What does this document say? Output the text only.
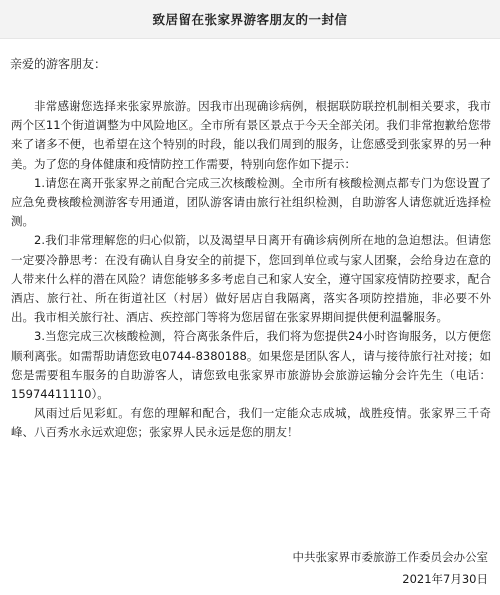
致居留在张家界游客朋友的一封信
亲爱的游客朋友：

非常感谢您选择来张家界旅游。因我市出现确诊病例，根据联防联控机制相关要求，我市两个区11个街道调整为中风险地区。全市所有景区景点于今天全部关闭。我们非常抱歉给您带来了诸多不便，也希望在这个特别的时段，能以我们周到的服务，让您感受到张家界的另一种美。为了您的身体健康和疫情防控工作需要，特别向您作如下提示：

1.请您在离开张家界之前配合完成三次核酸检测。全市所有核酸检测点都专门为您设置了应急免费核酸检测游客专用通道，团队游客请由旅行社组织检测，自助游客人请您就近选择检测。

2.我们非常理解您的归心似箭，以及渴望早日离开有确诊病例所在地的急迫想法。但请您一定要冷静思考：在没有确认自身安全的前提下，您回到单位或与家人团聚，会给身边在意的人带来什么样的潜在风险？请您能够多多考虑自己和家人安全，遵守国家疫情防控要求，配合酒店、旅行社、所在街道社区（村居）做好居店自我隔离，落实各项防控措施，非必要不外出。我市相关旅行社、酒店、疾控部门等将为您居留在张家界期间提供便利温馨服务。

3.当您完成三次核酸检测，符合离张条件后，我们将为您提供24小时咨询服务，以方便您顺利离张。如需帮助请您致电0744-8380188。如果您是团队客人，请与接待旅行社对接；如您是需要租车服务的自助游客人，请您致电张家界市旅游协会旅游运输分会许先生（电话：15974411110）。

风雨过后见彩虹。有您的理解和配合，我们一定能众志成城，战胜疫情。张家界三千奇峰、八百秀水永远欢迎您；张家界人民永远是您的朋友！

中共张家界市委旅游工作委员会办公室
2021年7月30日
